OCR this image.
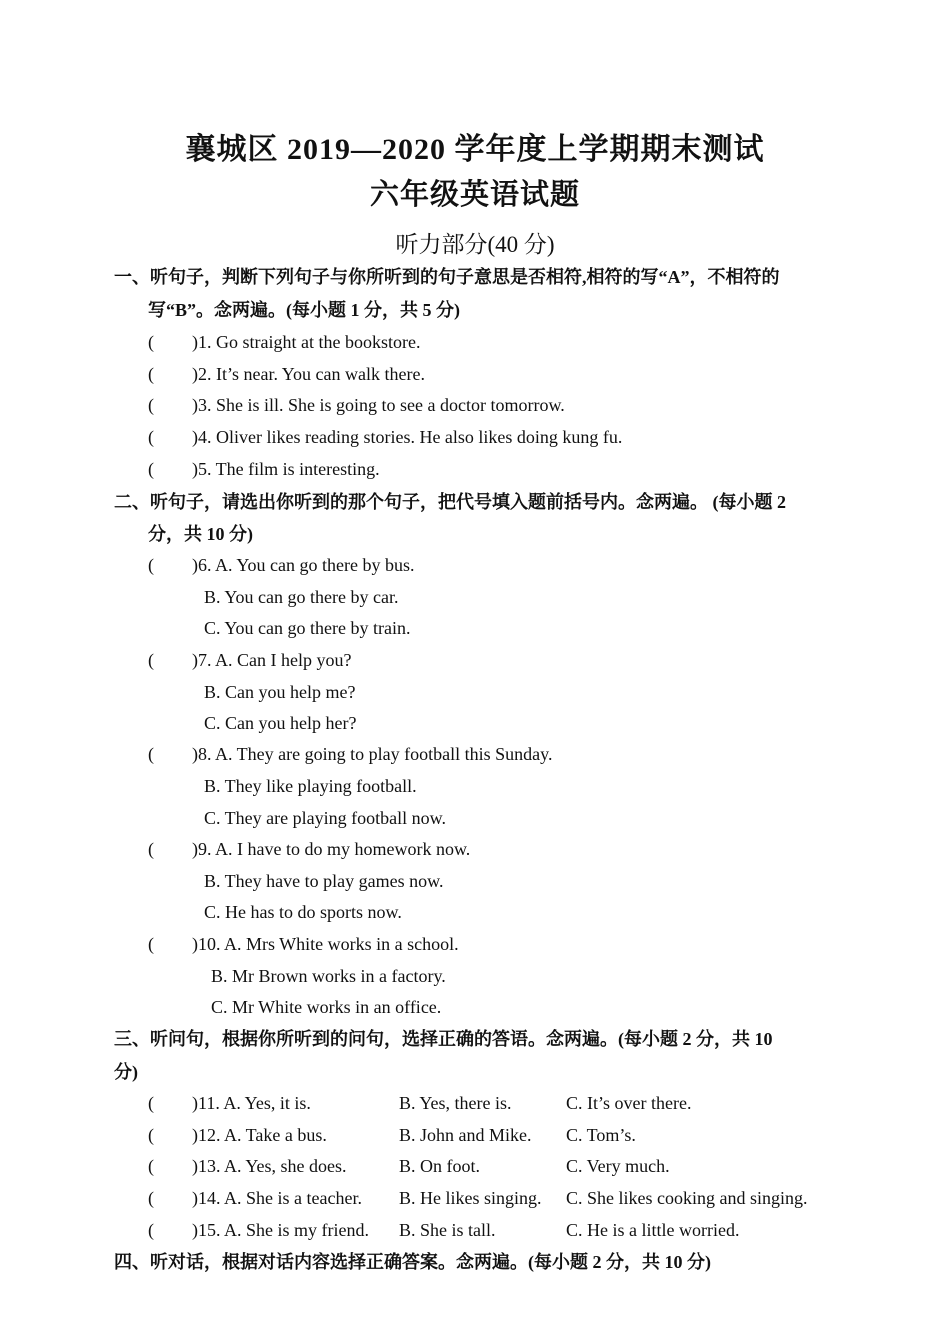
襄城区 2019—2020 学年度上学期期末测试
六年级英语试题
听力部分(40 分)
一、听句子，判断下列句子与你所听到的句子意思是否相符,相符的写“A”，不相符的
写“B”。念两遍。(每小题 1 分，共 5 分)
( )1. Go straight at the bookstore.
( )2. It’s near. You can walk there.
( )3. She is ill. She is going to see a doctor tomorrow.
( )4. Oliver likes reading stories. He also likes doing kung fu.
( )5. The film is interesting.
二、听句子，请选出你听到的那个句子，把代号填入题前括号内。念两遍。 (每小题 2
分，共 10 分)
( )6. A. You can go there by bus.
B. You can go there by car.
C. You can go there by train.
( )7. A. Can I help you?
B. Can you help me?
C. Can you help her?
( )8. A. They are going to play football this Sunday.
B. They like playing football.
C. They are playing football now.
( )9. A. I have to do my homework now.
B. They have to play games now.
C. He has to do sports now.
( )10. A. Mrs White works in a school.
B. Mr Brown works in a factory.
C. Mr White works in an office.
三、听问句，根据你所听到的问句，选择正确的答语。念两遍。(每小题 2 分，共 10
分)
( )11. A. Yes, it is.	B. Yes, there is.	C. It’s over there.
( )12. A. Take a bus.	B. John and Mike. C. Tom’s.
( )13. A. Yes, she does.	B. On foot.	C. Very much.
( )14. A. She is a teacher. B. He likes singing. C. She likes cooking and singing.
( )15. A. She is my friend. B. She is tall.	C. He is a little worried.
四、听对话，根据对话内容选择正确答案。念两遍。(每小题 2 分，共 10 分)
